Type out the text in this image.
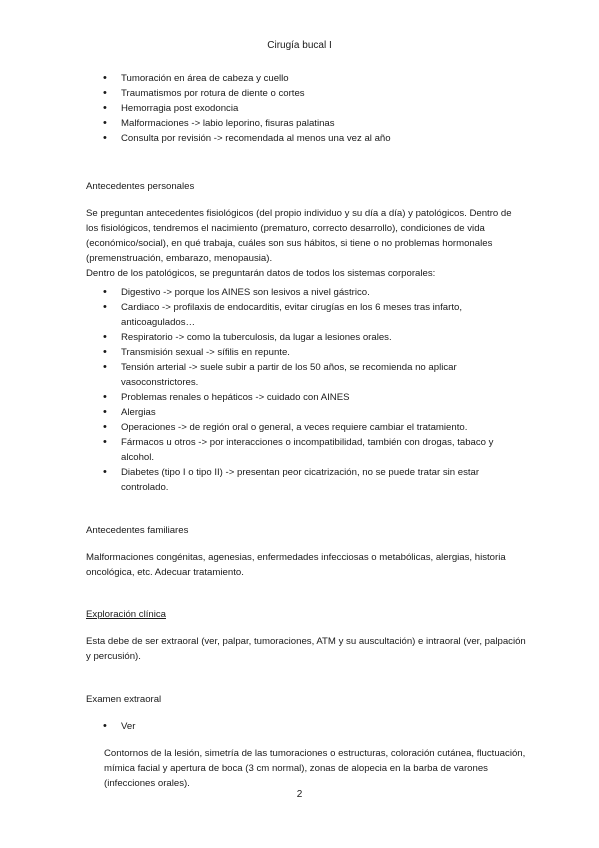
Cirugía bucal I
• Tumoración en área de cabeza y cuello
• Traumatismos por rotura de diente o cortes
• Hemorragia post exodoncia
• Malformaciones -> labio leporino, fisuras palatinas
• Consulta por revisión -> recomendada al menos una vez al año

Antecedentes personales

Se preguntan antecedentes fisiológicos (del propio individuo y su día a día) y patológicos. Dentro de los fisiológicos, tendremos el nacimiento (prematuro, correcto desarrollo), condiciones de vida (económico/social), en qué trabaja, cuáles son sus hábitos, si tiene o no problemas hormonales (premenstruación, embarazo, menopausia).

Dentro de los patológicos, se preguntarán datos de todos los sistemas corporales:

• Digestivo -> porque los AINES son lesivos a nivel gástrico.
• Cardiaco -> profilaxis de endocarditis, evitar cirugías en los 6 meses tras infarto, anticoagulados…
• Respiratorio -> como la tuberculosis, da lugar a lesiones orales.
• Transmisión sexual -> sífilis en repunte.
• Tensión arterial -> suele subir a partir de los 50 años, se recomienda no aplicar vasoconstrictores.
• Problemas renales o hepáticos -> cuidado con AINES
• Alergias
• Operaciones -> de región oral o general, a veces requiere cambiar el tratamiento.
• Fármacos u otros -> por interacciones o incompatibilidad, también con drogas, tabaco y alcohol.
• Diabetes (tipo I o tipo II) -> presentan peor cicatrización, no se puede tratar sin estar controlado.

Antecedentes familiares

Malformaciones congénitas, agenesias, enfermedades infecciosas o metabólicas, alergias, historia oncológica, etc. Adecuar tratamiento.

Exploración clínica

Esta debe de ser extraoral (ver, palpar, tumoraciones, ATM y su auscultación) e intraoral (ver, palpación y percusión).

Examen extraoral

• Ver

Contornos de la lesión, simetría de las tumoraciones o estructuras, coloración cutánea, fluctuación, mímica facial y apertura de boca (3 cm normal), zonas de alopecia en la barba de varones (infecciones orales).

2
